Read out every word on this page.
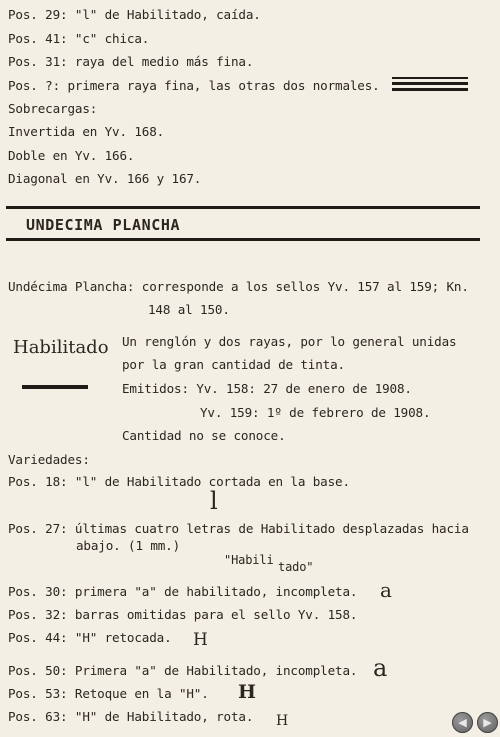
Pos. 29: "l" de Habilitado, caída.
Pos. 41: "c" chica.
Pos. 31: raya del medio más fina.
Pos. ?: primera raya fina, las otras dos normales.
Sobrecargas:
Invertida en Yv. 168.
Doble en Yv. 166.
Diagonal en Yv. 166 y 167.
UNDECIMA PLANCHA
Undécima Plancha: corresponde a los sellos Yv. 157 al 159; Kn.
148 al 150.
Habilitado Un renglón y dos rayas, por lo general unidas
por la gran cantidad de tinta.
Emitidos: Yv. 158: 27 de enero de 1908.
Yv. 159: 1º de febrero de 1908.
Cantidad no se conoce.
Variedades:
Pos. 18: "l" de Habilitado cortada en la base.
l
Pos. 27: últimas cuatro letras de Habilitado desplazadas hacia
abajo. (1 mm.)
"Habili tado"
Pos. 30: primera "a" de habilitado, incompleta. a
Pos. 32: barras omitidas para el sello Yv. 158.
Pos. 44: "H" retocada. H
Pos. 50: Primera "a" de Habilitado, incompleta. a
Pos. 53: Retoque en la "H". H
Pos. 63: "H" de Habilitado, rota. H	◀	▶
